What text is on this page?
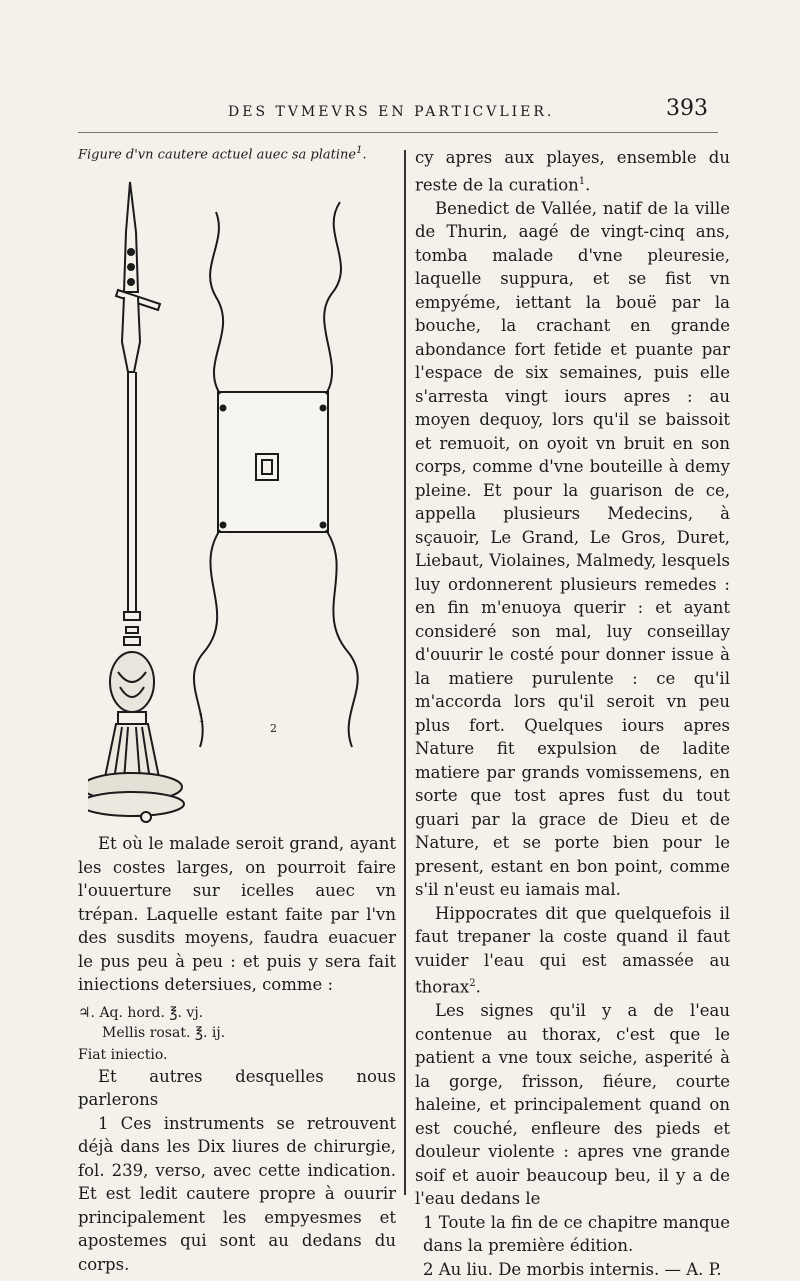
DES TVMEVRS EN PARTICVLIER.	393
Figure d'vn cautere actuel auec sa platine$^1$.
1
2

Et où le malade seroit grand, ayant les costes larges, on pourroit faire l'ouuerture sur icelles auec vn trépan. Laquelle estant faite par l'vn des susdits moyens, faudra euacuer le pus peu à peu : et puis y sera fait iniections detersiues, comme :

♃. Aq. hord. ℥. vj.
Mellis rosat. ℥. ij.
Fiat iniectio.

Et autres desquelles nous parlerons

1 Ces instruments se retrouvent déjà dans les Dix liures de chirurgie, fol. 239, verso, avec cette indication. Et est ledit cautere propre à ouurir principalement les empyesmes et apostemes qui sont au dedans du corps.

cy apres aux playes, ensemble du reste de la curation$^1$.

Benedict de Vallée, natif de la ville de Thurin, aagé de vingt-cinq ans, tomba malade d'vne pleuresie, laquelle suppura, et se fist vn empyéme, iettant la bouë par la bouche, la crachant en grande abondance fort fetide et puante par l'espace de six semaines, puis elle s'arresta vingt iours apres : au moyen dequoy, lors qu'il se baissoit et remuoit, on oyoit vn bruit en son corps, comme d'vne bouteille à demy pleine. Et pour la guarison de ce, appella plusieurs Medecins, à sçauoir, Le Grand, Le Gros, Duret, Liebaut, Violaines, Malmedy, lesquels luy ordonnerent plusieurs remedes : en fin m'enuoya querir : et ayant consideré son mal, luy conseillay d'ouurir le costé pour donner issue à la matiere purulente : ce qu'il m'accorda lors qu'il seroit vn peu plus fort. Quelques iours apres Nature fit expulsion de ladite matiere par grands vomissemens, en sorte que tost apres fust du tout guari par la grace de Dieu et de Nature, et se porte bien pour le present, estant en bon point, comme s'il n'eust eu iamais mal.

Hippocrates dit que quelquefois il faut trepaner la coste quand il faut vuider l'eau qui est amassée au thorax$^2$.

Les signes qu'il y a de l'eau contenue au thorax, c'est que le patient a vne toux seiche, asperité à la gorge, frisson, fiéure, courte haleine, et principalement quand on est couché, enfleure des pieds et douleur violente : apres vne grande soif et auoir beaucoup beu, il y a de l'eau dedans le

1 Toute la fin de ce chapitre manque dans la première édition.

2 Au liu. De morbis internis. — A. P.
